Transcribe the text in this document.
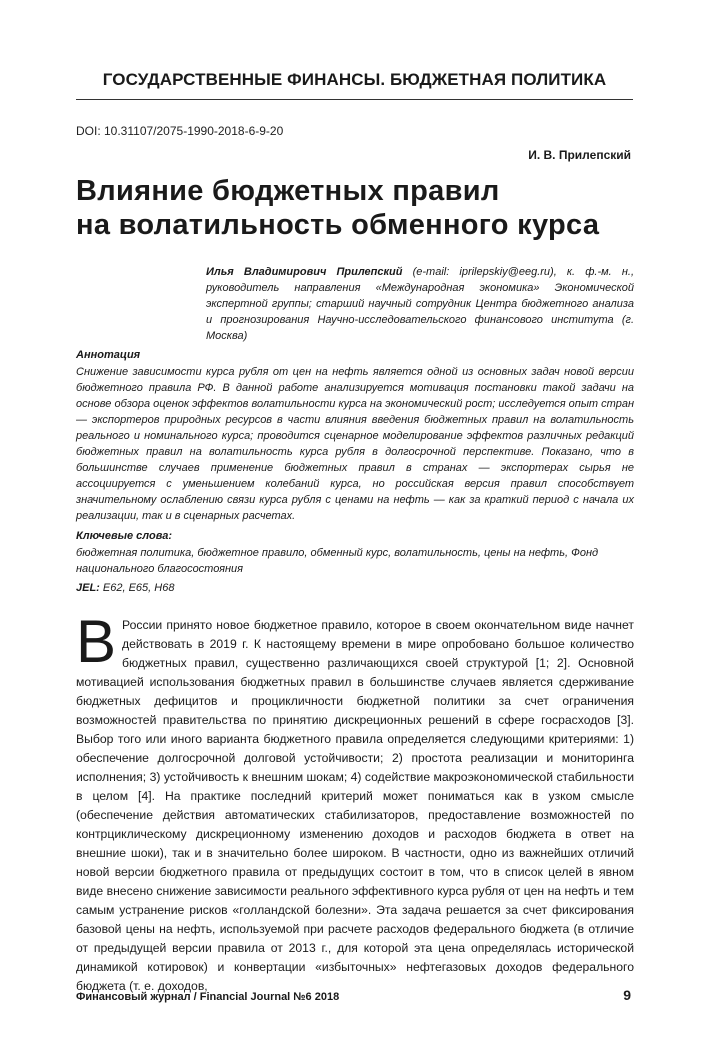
ГОСУДАРСТВЕННЫЕ ФИНАНСЫ. БЮДЖЕТНАЯ ПОЛИТИКА
DOI: 10.31107/2075-1990-2018-6-9-20
И. В. Прилепский
Влияние бюджетных правил
на волатильность обменного курса
Илья Владимирович Прилепский (e-mail: iprilepskiy@eeg.ru), к. ф.-м. н., руководитель направления «Международная экономика» Экономической экспертной группы; старший научный сотрудник Центра бюджетного анализа и прогнозирования Научно-исследовательского финансового института (г. Москва)
Аннотация
Снижение зависимости курса рубля от цен на нефть является одной из основных задач новой версии бюджетного правила РФ. В данной работе анализируется мотивация постановки такой задачи на основе обзора оценок эффектов волатильности курса на экономический рост; исследуется опыт стран — экспортеров природных ресурсов в части влияния введения бюджетных правил на волатильность реального и номинального курса; проводится сценарное моделирование эффектов различных редакций бюджетных правил на волатильность курса рубля в долгосрочной перспективе. Показано, что в большинстве случаев применение бюджетных правил в странах — экспортерах сырья не ассоциируется с уменьшением колебаний курса, но российская версия правил способствует значительному ослаблению связи курса рубля с ценами на нефть — как за краткий период с начала их реализации, так и в сценарных расчетах.
Ключевые слова:
бюджетная политика, бюджетное правило, обменный курс, волатильность, цены на нефть, Фонд национального благосостояния
JEL: E62, E65, H68

В России принято новое бюджетное правило, которое в своем окончательном виде начнет действовать в 2019 г. К настоящему времени в мире опробовано большое количество бюджетных правил, существенно различающихся своей структурой [1; 2]. Основной мотивацией использования бюджетных правил в большинстве случаев является сдерживание бюджетных дефицитов и процикличности бюджетной политики за счет ограничения возможностей правительства по принятию дискреционных решений в сфере госрасходов [3]. Выбор того или иного варианта бюджетного правила определяется следующими критериями: 1) обеспечение долгосрочной долговой устойчивости; 2) простота реализации и мониторинга исполнения; 3) устойчивость к внешним шокам; 4) содействие макроэкономической стабильности в целом [4]. На практике последний критерий может пониматься как в узком смысле (обеспечение действия автоматических стабилизаторов, предоставление возможностей по контрциклическому дискреционному изменению доходов и расходов бюджета в ответ на внешние шоки), так и в значительно более широком. В частности, одно из важнейших отличий новой версии бюджетного правила от предыдущих состоит в том, что в список целей в явном виде внесено снижение зависимости реального эффективного курса рубля от цен на нефть и тем самым устранение рисков «голландской болезни». Эта задача решается за счет фиксирования базовой цены на нефть, используемой при расчете расходов федерального бюджета (в отличие от предыдущей версии правила от 2013 г., для которой эта цена определялась исторической динамикой котировок) и конвертации «избыточных» нефтегазовых доходов федерального бюджета (т. е. доходов,

Финансовый журнал / Financial Journal №6 2018	9
